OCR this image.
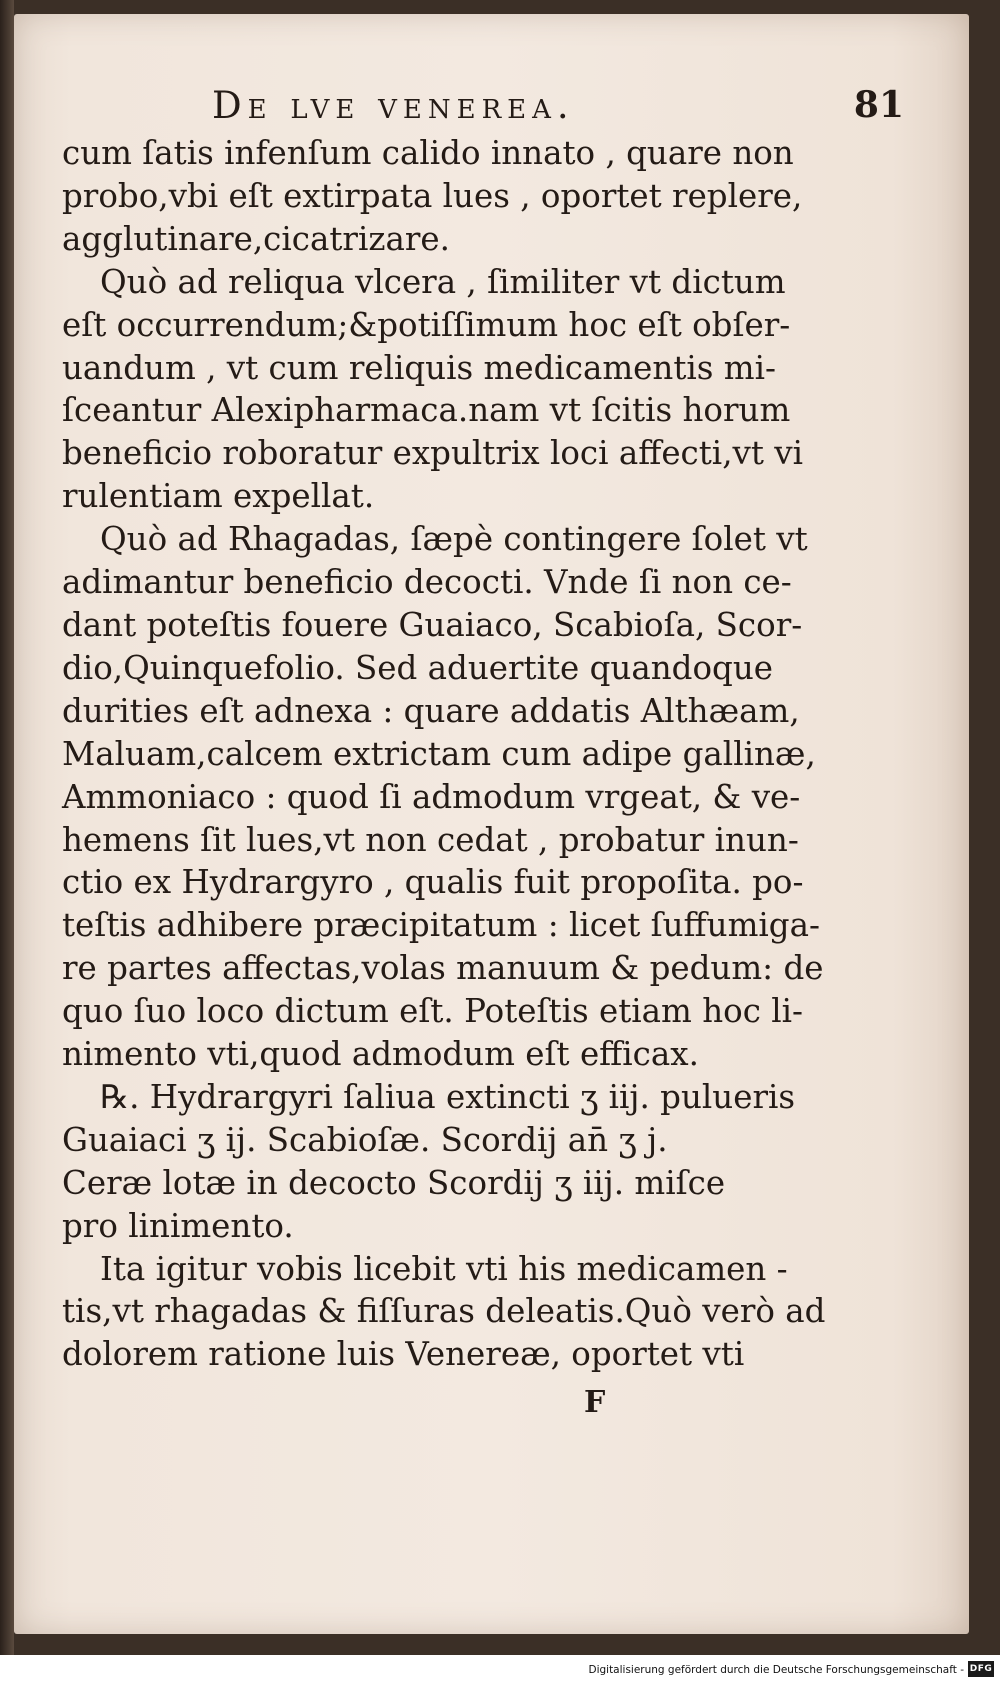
De lve venerea.	81
cum ſatis infenſum calido innato , quare non
probo,vbi eſt extirpata lues , oportet replere,
agglutinare,cicatrizare.
Quò ad reliqua vlcera , ſimiliter vt dictum
eſt occurrendum;&potiſſimum hoc eſt obſer-
uandum , vt cum reliquis medicamentis mi-
ſceantur Alexipharmaca.nam vt ſcitis horum
beneficio roboratur expultrix loci affecti,vt vi
rulentiam expellat.
Quò ad Rhagadas, ſæpè contingere ſolet vt
adimantur beneficio decocti. Vnde ſi non ce-
dant poteſtis fouere Guaiaco, Scabioſa, Scor-
dio,Quinquefolio. Sed aduertite quandoque
durities eſt adnexa : quare addatis Althæam,
Maluam,calcem extrictam cum adipe gallinæ,
Ammoniaco : quod ſi admodum vrgeat, & ve-
hemens ſit lues,vt non cedat , probatur inun-
ctio ex Hydrargyro , qualis fuit propoſita. po-
teſtis adhibere præcipitatum : licet ſuffumiga-
re partes affectas,volas manuum & pedum: de
quo ſuo loco dictum eſt. Poteſtis etiam hoc li-
nimento vti,quod admodum eſt efficax.
℞. Hydrargyri ſaliua extincti ʒ iij. pulueris
Guaiaci ʒ ij. Scabioſæ. Scordij an̄ ʒ j.
Ceræ lotæ in decocto Scordij ʒ iij. miſce
pro linimento.
Ita igitur vobis licebit vti his medicamen -
tis,vt rhagadas & fiſſuras deleatis.Quò verò ad
dolorem ratione luis Venereæ, oportet vti
F
Digitalisierung gefördert durch die Deutsche Forschungsgemeinschaft - DFG
